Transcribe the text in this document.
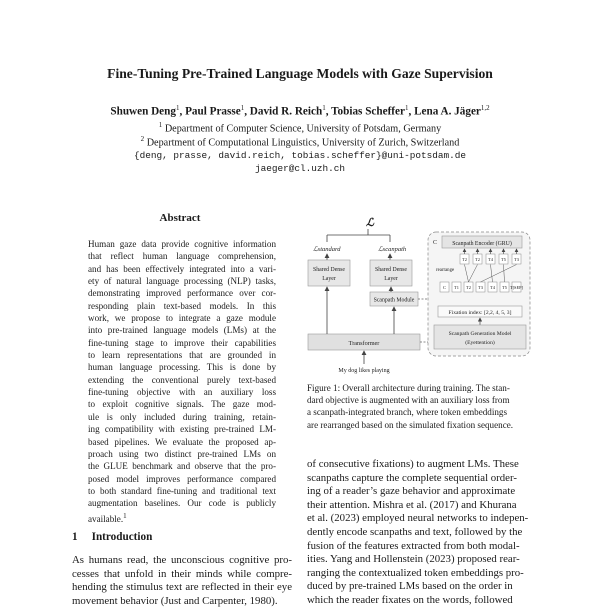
Fine-Tuning Pre-Trained Language Models with Gaze Supervision
Shuwen Deng$^1$, Paul Prasse$^1$, David R. Reich$^1$, Tobias Scheffer$^1$, Lena A. Jäger$^{1,2}$
$^1$ Department of Computer Science, University of Potsdam, Germany
$^2$ Department of Computational Linguistics, University of Zurich, Switzerland
{deng, prasse, david.reich, tobias.scheffer}@uni-potsdam.de
jaeger@cl.uzh.ch
Abstract
Human gaze data provide cognitive information
that reflect human language comprehension,
and has been effectively integrated into a vari-
ety of natural language processing (NLP) tasks,
demonstrating improved performance over cor-
responding plain text-based models. In this
work, we propose to integrate a gaze module
into pre-trained language models (LMs) at the
fine-tuning stage to improve their capabilities
to learn representations that are grounded in
human language processing. This is done by
extending the conventional purely text-based
fine-tuning objective with an auxiliary loss
to exploit cognitive signals. The gaze mod-
ule is only included during training, retain-
ing compatibility with existing pre-trained LM-
based pipelines. We evaluate the proposed ap-
proach using two distinct pre-trained LMs on
the GLUE benchmark and observe that the pro-
posed model improves performance compared
to both standard fine-tuning and traditional text
augmentation baselines. Our code is publicly
available.$^1$
1 Introduction
As humans read, the unconscious cognitive pro-
cesses that unfold in their minds while compre-
hending the stimulus text are reflected in their eye
movement behavior (Just and Carpenter, 1980).
ℒ
ℒstandard	ℒscanpath
Shared Dense
Layer
Shared Dense
Layer
Scanpath Module
Transformer
My dog likes playing
C	Scanpath Encoder (GRU)
T2 T2 T4 T5 T3
rearrange
C T1 T2 T3 T4 T5 T[SEP]
Fixation index: [2,2, 4, 5, 3]
Scanpath Generation Model
(Eyettention)
Figure 1: Overall architecture during training. The stan-
dard objective is augmented with an auxiliary loss from
a scanpath-integrated branch, where token embeddings
are rearranged based on the simulated fixation sequence.
of consecutive fixations) to augment LMs. These
scanpaths capture the complete sequential order-
ing of a reader’s gaze behavior and approximate
their attention. Mishra et al. (2017) and Khurana
et al. (2023) employed neural networks to indepen-
dently encode scanpaths and text, followed by the
fusion of the features extracted from both modal-
ities. Yang and Hollenstein (2023) proposed rear-
ranging the contextualized token embeddings pro-
duced by pre-trained LMs based on the order in
which the reader fixates on the words, followed
